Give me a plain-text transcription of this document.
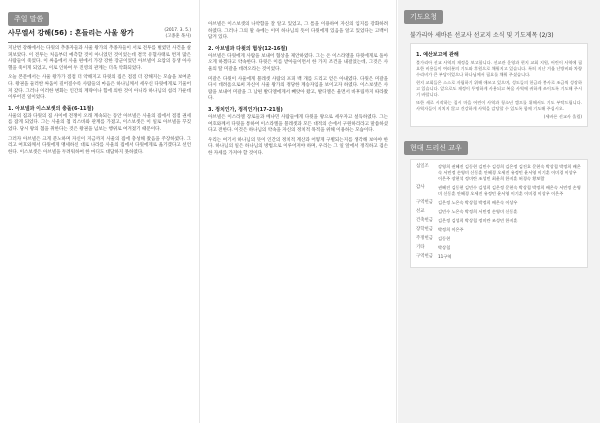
주일 말씀
사무엘서 강해(56) : 흔들리는 사울 왕가	(2017. 3. 5.)
(고종훈 목사)

지난번 강해에서는 다윗의 추종자들과 사울 왕가의 추종자들이 서로 전투를 벌였던 사건을 살펴보았다. 이 전투는 처음부터 예측할 것이 아니었던 것이었는데 결국 유혈사태로 번져 많은 사람들이 죽었다. 이 싸움에서 사울 편에서 가장 강한 장군이었던 아브넬이 요압의 동생 아사헬을 죽이게 되었고, 이로 인하여 두 진영의 관계는 더욱 악화되었다.

오늘 본문에서는 사울 왕가가 점점 더 약해지고 다윗의 집은 점점 더 강해지는 모습을 보여준다. 왕권을 둘러싼 싸움이 길어질수록 사람들의 마음은 하나님께서 세우신 다윗에게로 기울어져 갔다. 그러나 이러한 변화는 인간의 계략이나 힘에 의한 것이 아니라 하나님의 섭리 가운데 이루어진 일이었다.

1. 아브넬과 이스보셋의 충돌(6-11절)

사울의 집과 다윗의 집 사이에 전쟁이 오래 계속되는 동안 아브넬은 사울의 집에서 점점 권세를 잡게 되었다. 그는 사울의 첩 리스바와 관계를 가졌고, 이스보셋은 이 일로 아브넬을 꾸짖었다. 당시 왕의 첩을 취한다는 것은 왕권을 넘보는 행위로 여겨졌기 때문이다.

그러자 아브넬은 크게 분노하며 자신이 지금까지 사울의 집에 충성해 왔음을 주장하였다. 그리고 여호와께서 다윗에게 맹세하신 대로 나라를 사울의 집에서 다윗에게로 옮기겠다고 선언한다. 이스보셋은 아브넬을 두려워하여 한 마디도 대답하지 못하였다.

아브넬은 이스보셋의 나약함을 잘 알고 있었고, 그 틈을 이용하여 자신의 입지를 강화하려 하였다. 그러나 그의 말 속에는 이미 하나님의 뜻이 다윗에게 있음을 알고 있었다는 고백이 담겨 있다.

2. 아브넬과 다윗의 협상(12-16절)

아브넬은 다윗에게 사람을 보내어 협상을 제안하였다. 그는 온 이스라엘을 다윗에게로 돌아오게 하겠다고 약속한다. 다윗은 이를 받아들이면서 한 가지 조건을 내걸었는데, 그것은 사울의 딸 미갈을 데려오라는 것이었다.

미갈은 다윗이 사울에게 블레셋 사람의 포피 백 개를 드리고 얻은 아내였다. 다윗은 미갈을 다시 데려옴으로써 자신이 사울 왕가의 정당한 계승자임을 보이고자 하였다. 이스보셋은 사람을 보내어 미갈을 그 남편 발디엘에게서 빼앗아 왔고, 발디엘은 울면서 바후림까지 따라왔다.

3. 정치인가, 정직인가(17-21절)

아브넬은 이스라엘 장로들과 베냐민 사람들에게 다윗을 왕으로 세우자고 설득하였다. 그는 여호와께서 다윗을 통하여 이스라엘을 블레셋과 모든 대적의 손에서 구원하리라고 말씀하셨다고 전한다. 이것은 하나님의 약속을 자신의 정치적 목적을 위해 이용하는 모습이다.

우리는 여기서 하나님의 뜻이 인간의 정치적 계산과 어떻게 구별되는지를 생각해 보아야 한다. 하나님의 일은 하나님의 방법으로 이루어져야 하며, 우리는 그 일 앞에서 정직하고 겸손한 자세를 가져야 할 것이다.

기도요청
불가리아 세바른 선교사 선교지 소식 및 기도제목 (2/3)
1. 예산보고에 관해

불가리아 선교 사역의 재정을 보고합니다. 선교관 운영과 현지 교회 지원, 어린이 사역에 필요한 비용들이 여러분의 기도와 후원으로 채워지고 있습니다. 특히 지난 겨울 난방비와 차량 수리비가 큰 부담이었으나 하나님께서 필요를 채워 주셨습니다.

현지 교회들은 스스로 자립하기 위해 애쓰고 있으며, 성도들의 헌금과 봉사로 조금씩 성장하고 있습니다. 앞으로도 재정이 투명하게 사용되고 복음 사역에 귀하게 쓰이도록 기도해 주시기 바랍니다.

또한 새로 시작하는 집시 마을 어린이 사역과 청소년 캠프를 위해서도 기도 부탁드립니다. 사역자들이 지치지 않고 건강하게 사역을 감당할 수 있도록 함께 기도해 주십시오.

(세바른 선교사 올림)

현대 드리신 교우
십일조	강영희 권혜진 김동현 김민수 김성희 김은정 김진호 문현숙 박상철 박정희 배은숙 서민정 손영미 신동훈 안혜경 오세진 유정민 윤서영 이기훈 이미경 이상우 이은주 장현석 정미란 조성민 최윤희 한지훈 허경숙 황보람
감사	권혜진 김동현 김민수 김성희 김은정 문현숙 박상철 박정희 배은숙 서민정 손영미 신동훈 안혜경 오세진 유정민 윤서영 이기훈 이미경 이상우 이은주
구역헌금	김은정 노은숙 박상철 박정희 배은숙 이상우
선교	김민수 노은숙 박정희 서민정 손영미 신동훈
건축헌금	김은정 김성희 박상철 정미란 조성민 한지훈
장학헌금	박정희 이은주
주정헌금	김동현
기타	박상철
구역헌금	11구역
